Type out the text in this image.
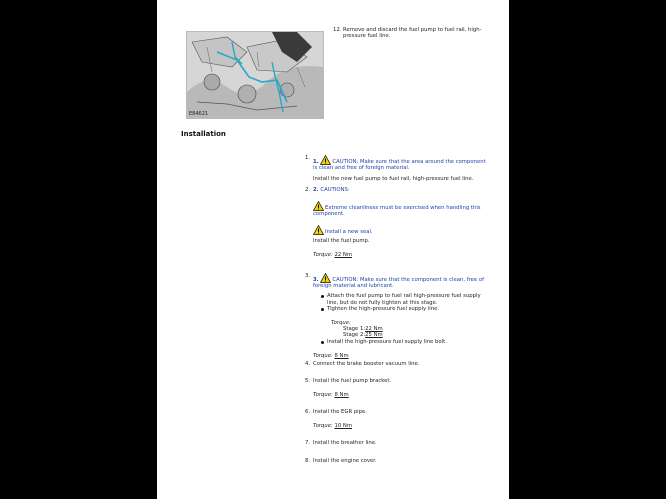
E84621
12. Remove and discard the fuel pump to fuel rail, high-pressure fuel line.
Installation
1.

1.	CAUTION: Make sure that the area around the component is clean and free of foreign material.

Install the new fuel pump to fuel rail, high-pressure fuel line.

2. 2. CAUTIONS:

Extreme cleanliness must be exercised when handling this component.

Install a new seal.

Install the fuel pump.

Torque: 22 Nm

3.

3.	CAUTION: Make sure that the component is clean, free of foreign material and lubricant.

Attach the fuel pump to fuel rail high-pressure fuel supply line, but do not fully tighten at this stage.
Tighten the high-pressure fuel supply line.
Torque:
Stage 1:22 Nm
Stage 2:25 Nm
Install the high-pressure fuel supply line bolt.

Torque: 8 Nm

4. Connect the brake booster vacuum line.

5. Install the fuel pump bracket.

Torque: 8 Nm

6. Install the EGR pipe.

Torque: 10 Nm

7. Install the breather line.

8. Install the engine cover.
